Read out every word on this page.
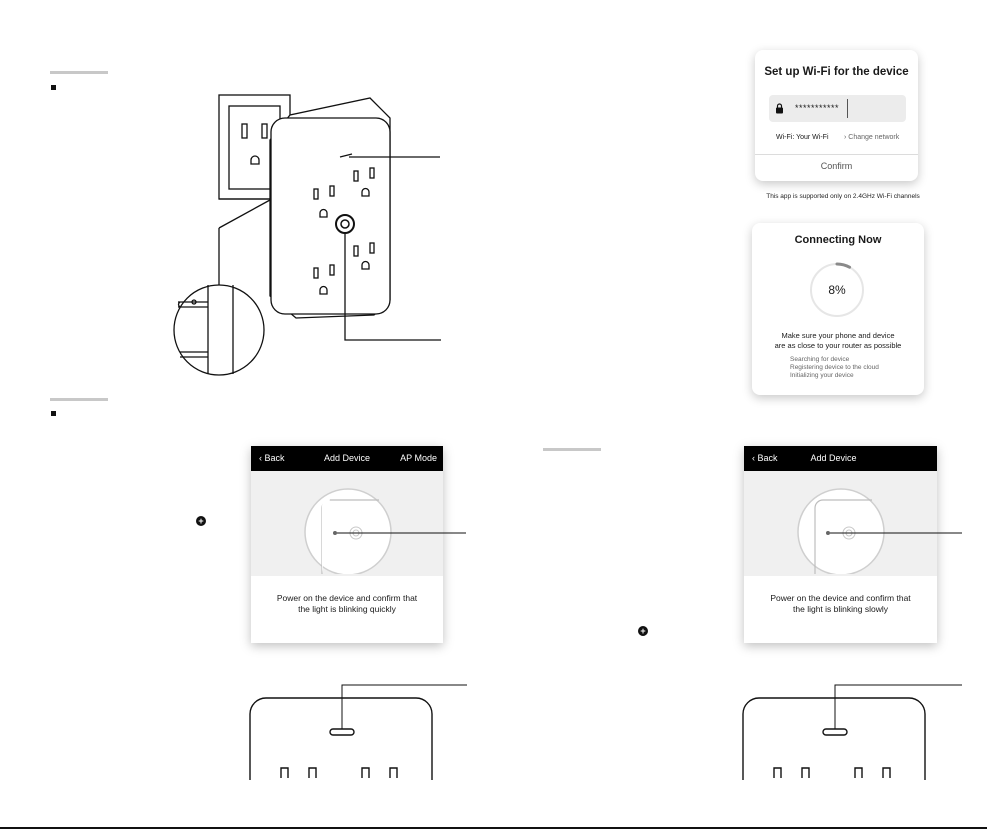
Set up Wi-Fi for the device
***********
Wi-Fi: Your Wi-Fi › Change network
Confirm
This app is supported only on 2.4GHz Wi-Fi channels
Connecting Now
8%
Make sure your phone and device
are as close to your router as possible
Searching for device
Registering device to the cloud
Initializing your device
‹ Back	Add Device	AP Mode
Power on the device and confirm that
the light is blinking quickly
‹ Back	Add Device
Power on the device and confirm that
the light is blinking slowly
+
+
